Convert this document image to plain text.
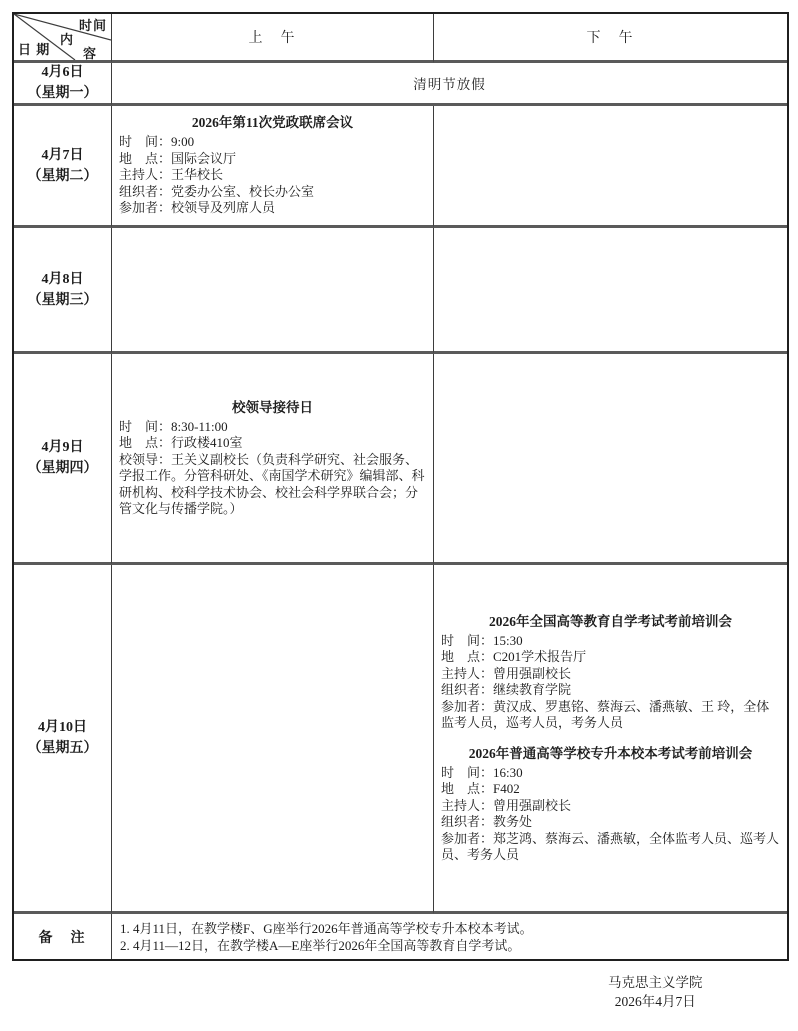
时间
内
容
日 期
上　午	下　午
4月6日
（星期一）
清明节放假
4月7日
（星期二）
2026年第11次党政联席会议
时　间：9:00
地　点：国际会议厅
主持人：王华校长
组织者：党委办公室、校长办公室
参加者：校领导及列席人员
4月8日
（星期三）
4月9日
（星期四）
校领导接待日
时　间：8:30-11:00
地　点：行政楼410室
校领导：王关义副校长（负责科学研究、社会服务、学报工作。分管科研处、《南国学术研究》编辑部、科研机构、校科学技术协会、校社会科学界联合会；分管文化与传播学院。）
4月10日
（星期五）
2026年全国高等教育自学考试考前培训会
时　间：15:30
地　点：C201学术报告厅
主持人：曾用强副校长
组织者：继续教育学院
参加者：黄汉成、罗惠铭、蔡海云、潘燕敏、王 玲，全体监考人员，巡考人员，考务人员
2026年普通高等学校专升本校本考试考前培训会
时　间：16:30
地　点：F402
主持人：曾用强副校长
组织者：教务处
参加者：郑芝鸿、蔡海云、潘燕敏，全体监考人员、巡考人员、考务人员
备　注
1. 4月11日，在教学楼F、G座举行2026年普通高等学校专升本校本考试。
2. 4月11—12日，在教学楼A—E座举行2026年全国高等教育自学考试。
马克思主义学院
2026年4月7日
